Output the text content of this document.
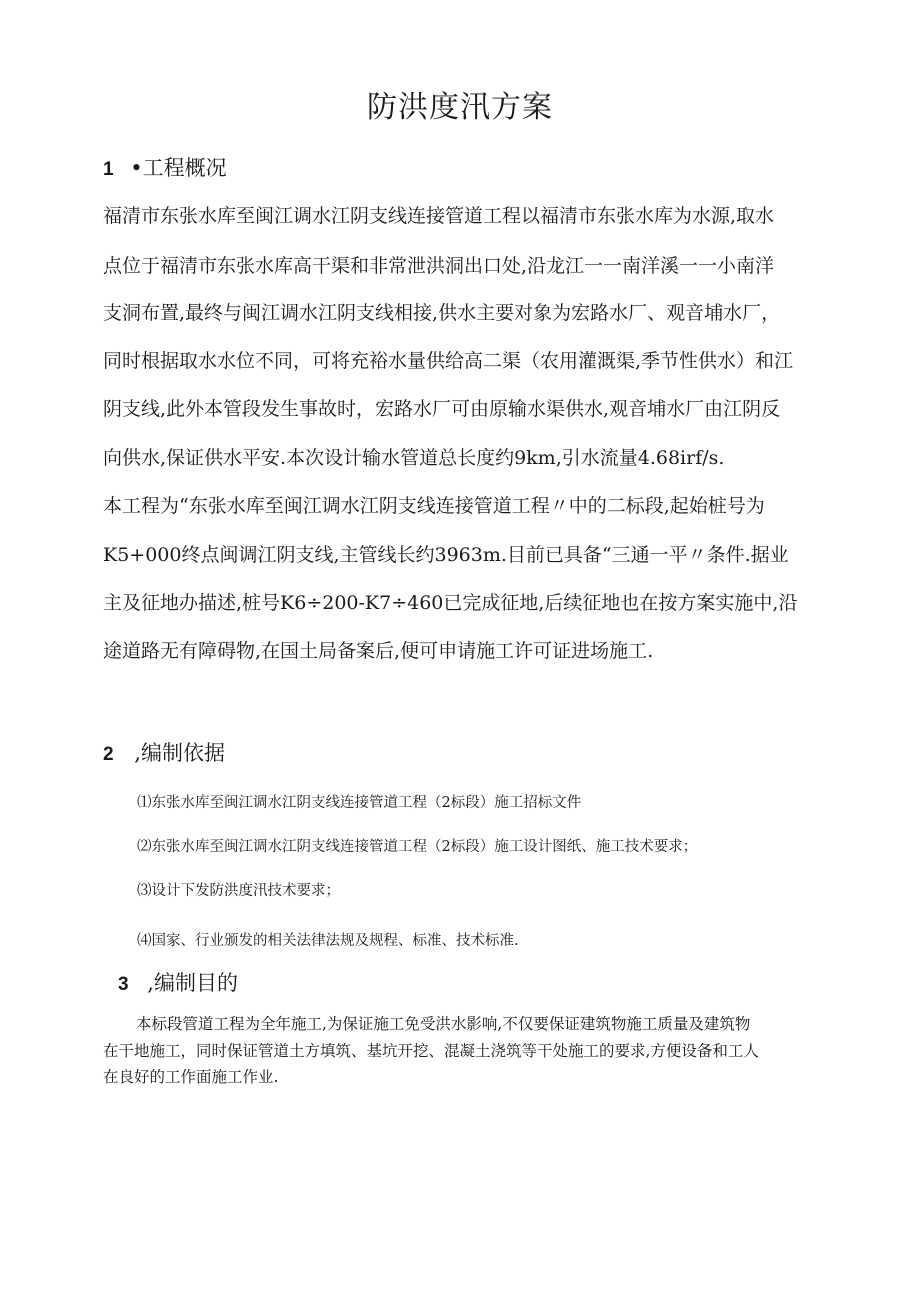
防洪度汛方案
1 •工程概况
福清市东张水库至闽江调水江阴支线连接管道工程以福清市东张水库为水源,取水
点位于福清市东张水库高干渠和非常泄洪洞出口处,沿龙江一一南洋溪一一小南洋
支洞布置,最终与闽江调水江阴支线相接,供水主要对象为宏路水厂、观音埔水厂，
同时根据取水水位不同，可将充裕水量供给高二渠（农用灌溉渠,季节性供水）和江
阴支线,此外本管段发生事故时，宏路水厂可由原输水渠供水,观音埔水厂由江阴反
向供水,保证供水平安.本次设计输水管道总长度约9km,引水流量4.68irf∕s.
本工程为“东张水库至闽江调水江阴支线连接管道工程〃中的二标段,起始桩号为
K5+000终点闽调江阴支线,主管线长约3963m.目前已具备“三通一平〃条件.据业
主及征地办描述,桩号K6÷200-K7÷460已完成征地,后续征地也在按方案实施中,沿
途道路无有障碍物,在国土局备案后,便可申请施工许可证进场施工.
2 ,编制依据
⑴东张水库至闽江调水江阴支线连接管道工程（2标段）施工招标文件
⑵东张水库至闽江调水江阴支线连接管道工程（2标段）施工设计图纸、施工技术要求；
⑶设计下发防洪度汛技术要求；
⑷国家、行业颁发的相关法律法规及规程、标准、技术标准.
3 ,编制目的
本标段管道工程为全年施工,为保证施工免受洪水影响,不仅要保证建筑物施工质量及建筑物
在干地施工，同时保证管道土方填筑、基坑开挖、混凝土浇筑等干处施工的要求,方便设备和工人
在良好的工作面施工作业.
